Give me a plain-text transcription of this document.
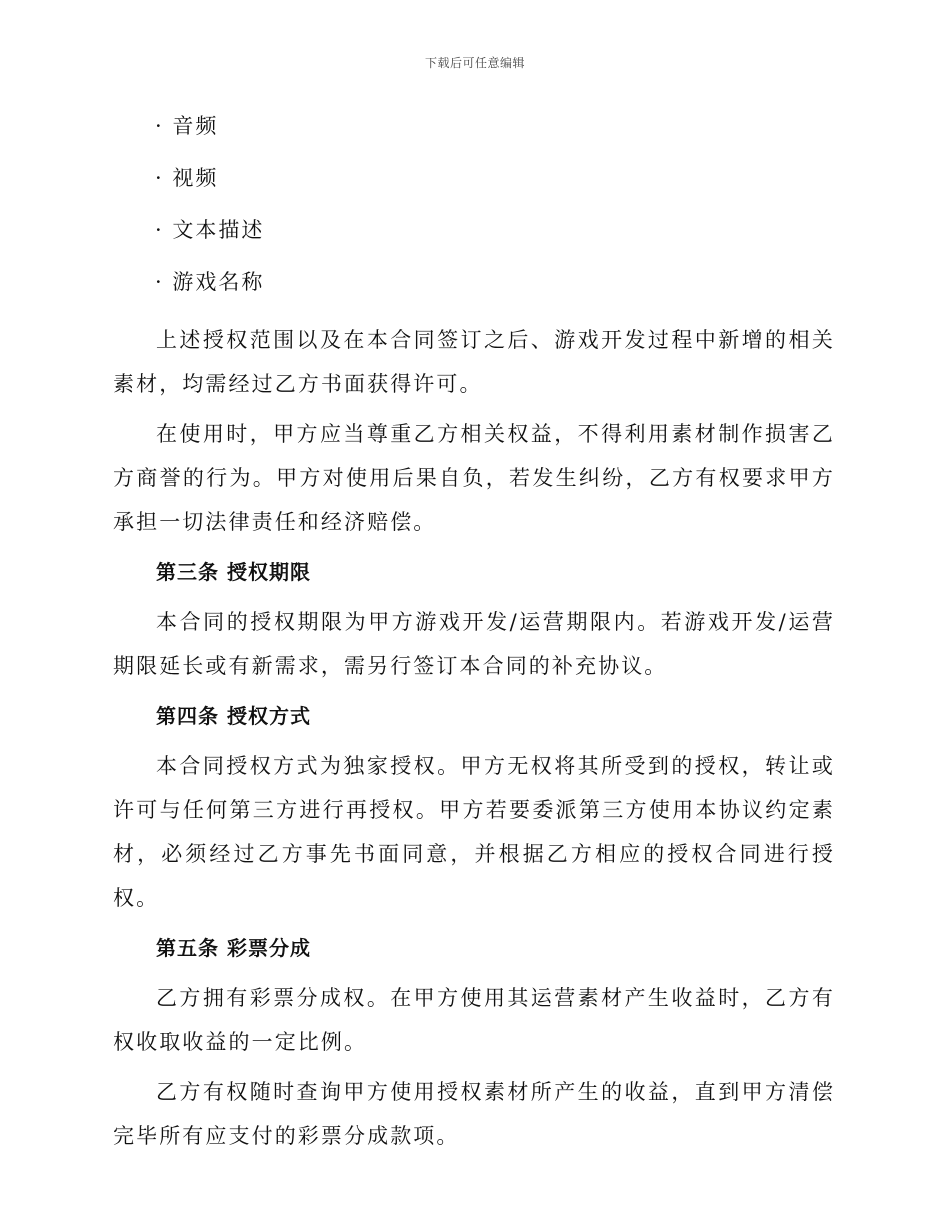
下载后可任意编辑
· 音频
· 视频
· 文本描述
· 游戏名称

上述授权范围以及在本合同签订之后、游戏开发过程中新增的相关素材，均需经过乙方书面获得许可。

在使用时，甲方应当尊重乙方相关权益，不得利用素材制作损害乙方商誉的行为。甲方对使用后果自负，若发生纠纷，乙方有权要求甲方承担一切法律责任和经济赔偿。

第三条 授权期限

本合同的授权期限为甲方游戏开发/运营期限内。若游戏开发/运营期限延长或有新需求，需另行签订本合同的补充协议。

第四条 授权方式

本合同授权方式为独家授权。甲方无权将其所受到的授权，转让或许可与任何第三方进行再授权。甲方若要委派第三方使用本协议约定素材，必须经过乙方事先书面同意，并根据乙方相应的授权合同进行授权。

第五条 彩票分成

乙方拥有彩票分成权。在甲方使用其运营素材产生收益时，乙方有权收取收益的一定比例。

乙方有权随时查询甲方使用授权素材所产生的收益，直到甲方清偿完毕所有应支付的彩票分成款项。
